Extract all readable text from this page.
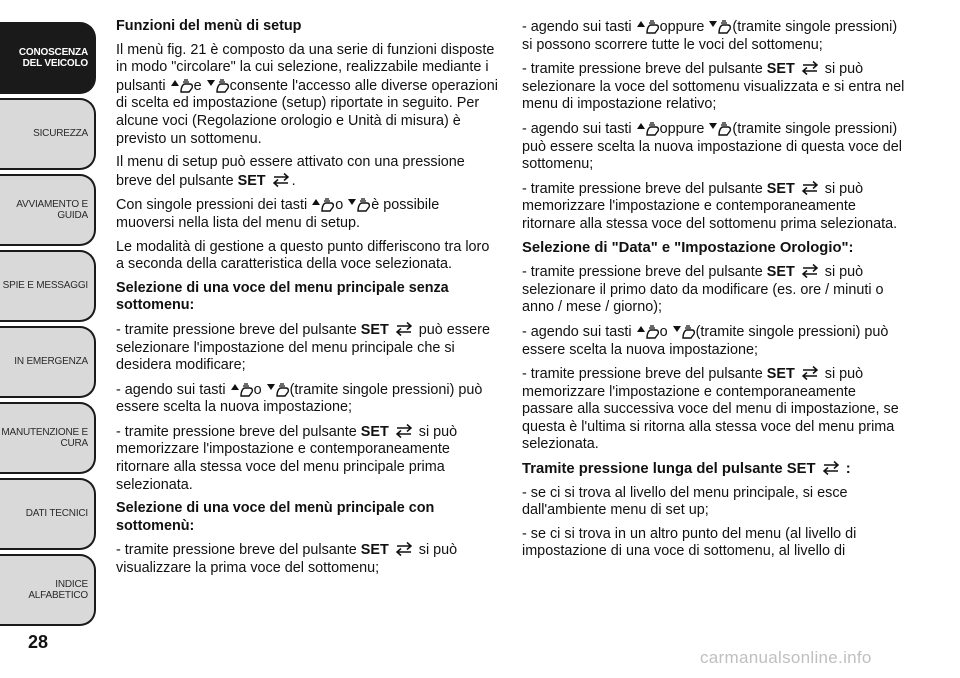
CONOSCENZA DEL VEICOLO
SICUREZZA
AVVIAMENTO E GUIDA
SPIE E MESSAGGI
IN EMERGENZA
MANUTENZIONE E CURA
DATI TECNICI
INDICE ALFABETICO
28
Funzioni del menù di setup

Il menù fig. 21 è composto da una serie di funzioni disposte in modo "circolare" la cui selezione, realizzabile mediante i pulsanti e consente l'accesso alle diverse operazioni di scelta ed impostazione (setup) riportate in seguito. Per alcune voci (Regolazione orologio e Unità di misura) è previsto un sottomenu.

Il menu di setup può essere attivato con una pressione breve del pulsante SET .

Con singole pressioni dei tasti o è possibile muoversi nella lista del menu di setup.

Le modalità di gestione a questo punto differiscono tra loro a seconda della caratteristica della voce selezionata.

Selezione di una voce del menu principale senza sottomenu:

- tramite pressione breve del pulsante SET può essere selezionare l'impostazione del menu principale che si desidera modificare;

- agendo sui tasti o (tramite singole pressioni) può essere scelta la nuova impostazione;

- tramite pressione breve del pulsante SET si può memorizzare l'impostazione e contemporaneamente ritornare alla stessa voce del menu principale prima selezionata.

Selezione di una voce del menù principale con sottomenù:

- tramite pressione breve del pulsante SET si può visualizzare la prima voce del sottomenu;

- agendo sui tasti oppure (tramite singole pressioni) si possono scorrere tutte le voci del sottomenu;

- tramite pressione breve del pulsante SET si può selezionare la voce del sottomenu visualizzata e si entra nel menu di impostazione relativo;

- agendo sui tasti oppure (tramite singole pressioni) può essere scelta la nuova impostazione di questa voce del sottomenu;

- tramite pressione breve del pulsante SET si può memorizzare l'impostazione e contemporaneamente ritornare alla stessa voce del sottomenu prima selezionata.

Selezione di "Data" e "Impostazione Orologio":

- tramite pressione breve del pulsante SET si può selezionare il primo dato da modificare (es. ore / minuti o anno / mese / giorno);

- agendo sui tasti o (tramite singole pressioni) può essere scelta la nuova impostazione;

- tramite pressione breve del pulsante SET si può memorizzare l'impostazione e contemporaneamente passare alla successiva voce del menu di impostazione, se questa è l'ultima si ritorna alla stessa voce del menu prima selezionata.

Tramite pressione lunga del pulsante SET :

- se ci si trova al livello del menu principale, si esce dall'ambiente menu di set up;

- se ci si trova in un altro punto del menu (al livello di impostazione di una voce di sottomenu, al livello di

carmanualsonline.info
